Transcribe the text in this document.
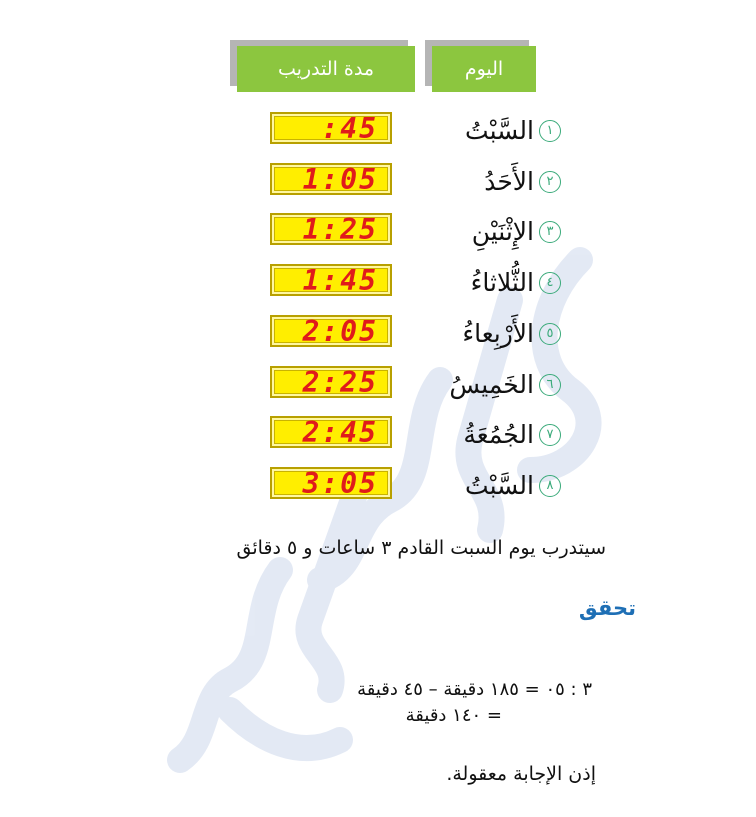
اليوم
مدة التدريب
١
السَّبْتُ
:45
٢
الأَحَدُ
1:05
٣
الإِثْنَيْنِ
1:25
٤
الثُّلاثاءُ
1:45
٥
الأَرْبِعاءُ
2:05
٦
الخَمِيسُ
2:25
٧
الجُمُعَةُ
2:45
٨
السَّبْتُ
3:05
سيتدرب يوم السبت القادم ٣ ساعات و ٥ دقائق
تحقق
٣ : ٠٥ = ١٨٥ دقيقة – ٤٥ دقيقة
= ١٤٠ دقيقة
إذن الإجابة معقولة.
